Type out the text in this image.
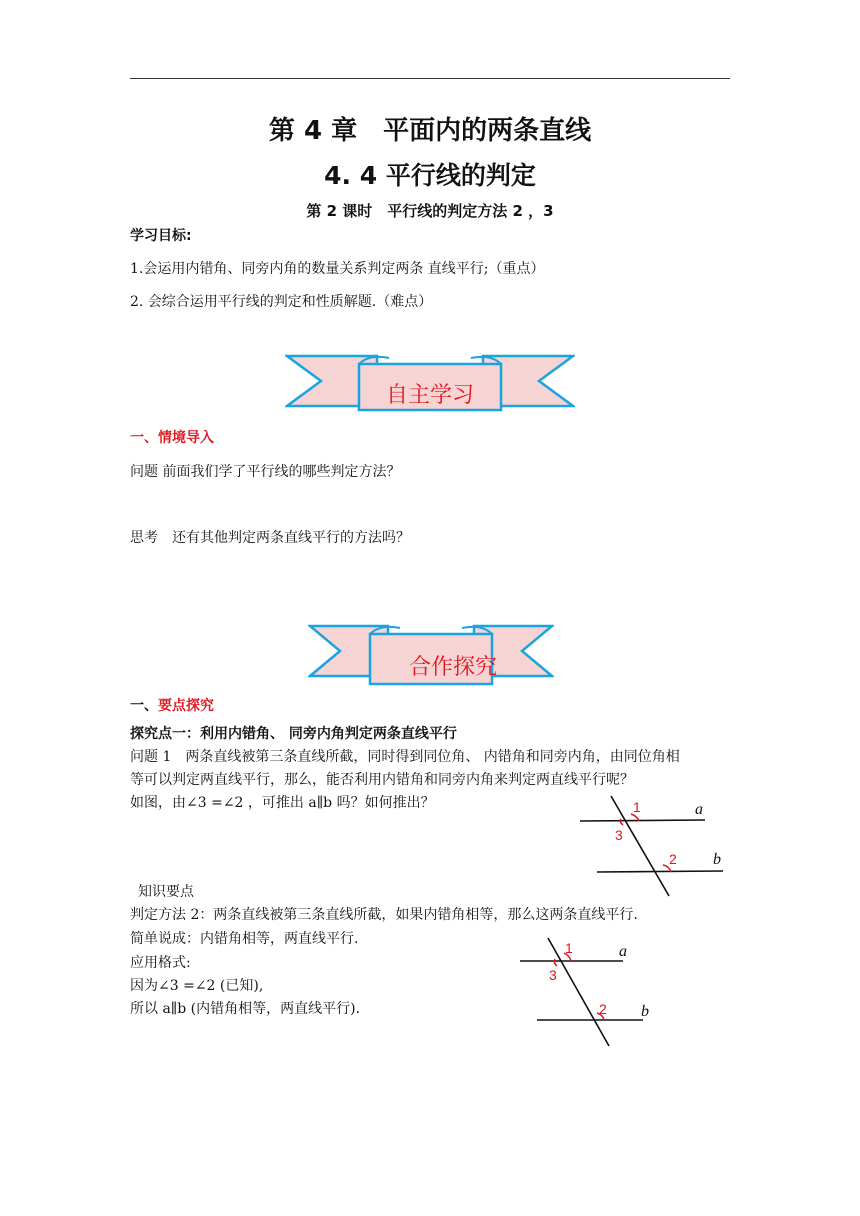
第 4 章　平面内的两条直线
4. 4 平行线的判定
第 2 课时　平行线的判定方法 2 ，3
学习目标:
1.会运用内错角、同旁内角的数量关系判定两条 直线平行;（重点）
2. 会综合运用平行线的判定和性质解题.（难点）
自主学习
一、情境导入
问题 前面我们学了平行线的哪些判定方法？
思考　还有其他判定两条直线平行的方法吗？
合作探究
一、要点探究
探究点一：利用内错角、 同旁内角判定两条直线平行
问题 1　两条直线被第三条直线所截，同时得到同位角、 内错角和同旁内角，由同位角相
等可以判定两直线平行，那么，能否利用内错角和同旁内角来判定两直线平行呢？
如图，由∠3 =∠2 ，可推出 a∥b 吗？如何推出？	1
3
2
a
b
知识要点
判定方法 2：两条直线被第三条直线所截，如果内错角相等，那么这两条直线平行.
简单说成：内错角相等，两直线平行.
应用格式:
因为∠3 =∠2 (已知),
所以 a∥b (内错角相等，两直线平行).
1
3
2
a
b
